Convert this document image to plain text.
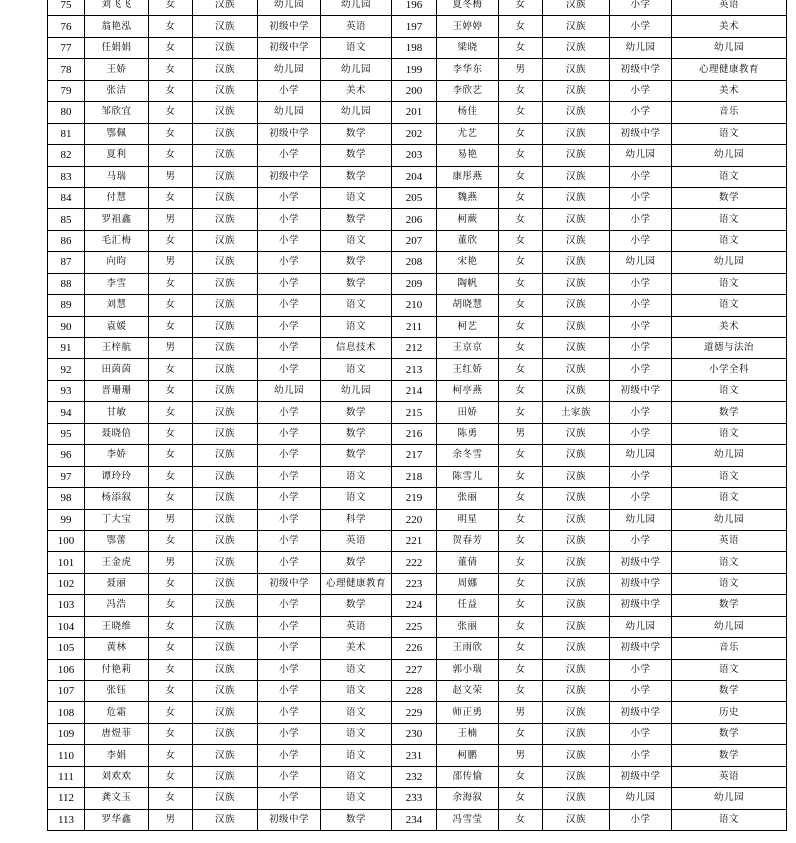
75	刘飞飞	女	汉族	幼儿园	幼儿园	196	夏冬梅	女	汉族	小学	英语
76	翁艳泓	女	汉族	初级中学	英语	197	王婷婷	女	汉族	小学	美术
77	任娟娟	女	汉族	初级中学	语文	198	梁晓	女	汉族	幼儿园	幼儿园
78	王娇	女	汉族	幼儿园	幼儿园	199	李华东	男	汉族	初级中学	心理健康教育
79	张洁	女	汉族	小学	美术	200	李欣艺	女	汉族	小学	美术
80	邹欣宜	女	汉族	幼儿园	幼儿园	201	杨佳	女	汉族	小学	音乐
81	鄂佩	女	汉族	初级中学	数学	202	尤艺	女	汉族	初级中学	语文
82	夏利	女	汉族	小学	数学	203	易艳	女	汉族	幼儿园	幼儿园
83	马瑞	男	汉族	初级中学	数学	204	康彤燕	女	汉族	小学	语文
84	付慧	女	汉族	小学	语文	205	魏燕	女	汉族	小学	数学
85	罗祖鑫	男	汉族	小学	数学	206	柯蕨	女	汉族	小学	语文
86	毛汇梅	女	汉族	小学	语文	207	董欣	女	汉族	小学	语文
87	向昀	男	汉族	小学	数学	208	宋艳	女	汉族	幼儿园	幼儿园
88	李雪	女	汉族	小学	数学	209	陶帆	女	汉族	小学	语文
89	刘慧	女	汉族	小学	语文	210	胡晓慧	女	汉族	小学	语文
90	袁媛	女	汉族	小学	语文	211	柯艺	女	汉族	小学	美术
91	王梓航	男	汉族	小学	信息技术	212	王京京	女	汉族	小学	道德与法治
92	田茵茵	女	汉族	小学	语文	213	王红娇	女	汉族	小学	小学全科
93	晋珊珊	女	汉族	幼儿园	幼儿园	214	柯亭燕	女	汉族	初级中学	语文
94	甘敏	女	汉族	小学	数学	215	田娇	女	土家族	小学	数学
95	聂晓倍	女	汉族	小学	数学	216	陈勇	男	汉族	小学	语文
96	李娇	女	汉族	小学	数学	217	余冬雪	女	汉族	幼儿园	幼儿园
97	谭玲玲	女	汉族	小学	语文	218	陈雪儿	女	汉族	小学	语文
98	杨添叙	女	汉族	小学	语文	219	张丽	女	汉族	小学	语文
99	丁大宝	男	汉族	小学	科学	220	明星	女	汉族	幼儿园	幼儿园
100	鄂蕾	女	汉族	小学	英语	221	贺春芳	女	汉族	小学	英语
101	王金虎	男	汉族	小学	数学	222	董倩	女	汉族	初级中学	语文
102	聂丽	女	汉族	初级中学	心理健康教育	223	周娜	女	汉族	初级中学	语文
103	冯浩	女	汉族	小学	数学	224	任益	女	汉族	初级中学	数学
104	王晓维	女	汉族	小学	英语	225	张丽	女	汉族	幼儿园	幼儿园
105	黄林	女	汉族	小学	美术	226	王雨欣	女	汉族	初级中学	音乐
106	付艳莉	女	汉族	小学	语文	227	郭小瑞	女	汉族	小学	语文
107	张钰	女	汉族	小学	语文	228	赵文荣	女	汉族	小学	数学
108	危霜	女	汉族	小学	语文	229	师正勇	男	汉族	初级中学	历史
109	唐煜菲	女	汉族	小学	语文	230	王楠	女	汉族	小学	数学
110	李娟	女	汉族	小学	语文	231	柯鹏	男	汉族	小学	数学
111	刘欢欢	女	汉族	小学	语文	232	邵传愉	女	汉族	初级中学	英语
112	龚文玉	女	汉族	小学	语文	233	余海叙	女	汉族	幼儿园	幼儿园
113	罗华鑫	男	汉族	初级中学	数学	234	冯雪莹	女	汉族	小学	语文
